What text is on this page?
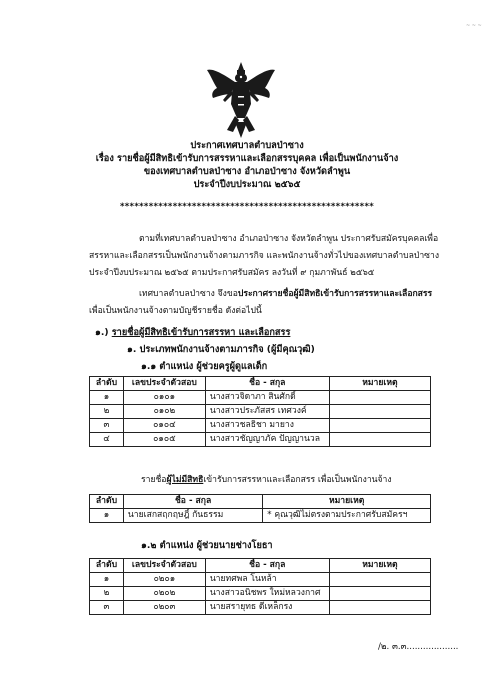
~ ~ ~
ประกาศเทศบาลตำบลป่าซาง
เรื่อง รายชื่อผู้มีสิทธิเข้ารับการสรรหาและเลือกสรรบุคคล เพื่อเป็นพนักงานจ้าง
ของเทศบาลตำบลป่าซาง อำเภอป่าซาง จังหวัดลำพูน
ประจำปีงบประมาณ ๒๕๖๕
*****************************************************
ตามที่เทศบาลตำบลป่าซาง อำเภอป่าซาง จังหวัดลำพูน ประกาศรับสมัครบุคคลเพื่อ
สรรหาและเลือกสรรเป็นพนักงานจ้างตามภารกิจ และพนักงานจ้างทั่วไปของเทศบาลตำบลป่าซาง
ประจำปีงบประมาณ ๒๕๖๕ ตามประกาศรับสมัคร ลงวันที่ ๙ กุมภาพันธ์ ๒๕๖๕
เทศบาลตำบลป่าซาง จึงขอประกาศรายชื่อผู้มีสิทธิเข้ารับการสรรหาและเลือกสรร
เพื่อเป็นพนักงานจ้างตามบัญชีรายชื่อ ดังต่อไปนี้
๑.) รายชื่อผู้มีสิทธิเข้ารับการสรรหา และเลือกสรร
๑. ประเภทพนักงานจ้างตามภารกิจ (ผู้มีคุณวุฒิ)
๑.๑ ตำแหน่ง ผู้ช่วยครูผู้ดูแลเด็ก
ลำดับ	เลขประจำตัวสอบ	ชื่อ - สกุล	หมายเหตุ
๑	๐๑๐๑	นางสาวจิดาภา สินศักดิ์	
๒	๐๑๐๒	นางสาวประภัสสร เทศวงค์	
๓	๐๑๐๔	นางสาวชลธิชา มายาง	
๔	๐๑๐๕	นางสาวชัญญาภัค ปัญญานวล	
รายชื่อผู้ไม่มีสิทธิเข้ารับการสรรหาและเลือกสรร เพื่อเป็นพนักงานจ้าง
ลำดับ	ชื่อ - สกุล	หมายเหตุ
๑	นายเสกสฤกฤษฎิ์ กันธรรม	* คุณวุฒิไม่ตรงตามประกาศรับสมัครฯ
๑.๒ ตำแหน่ง ผู้ช่วยนายช่างโยธา
ลำดับ	เลขประจำตัวสอบ	ชื่อ - สกุล	หมายเหตุ
๑	๐๒๐๑	นายทศพล โนหล้า	
๒	๐๒๐๒	นางสาวอนิชพร ใหม่หลวงกาศ	
๓	๐๒๐๓	นายสรายุทธ ดีเหล็กรง	
/๒. ๓.๓...................
